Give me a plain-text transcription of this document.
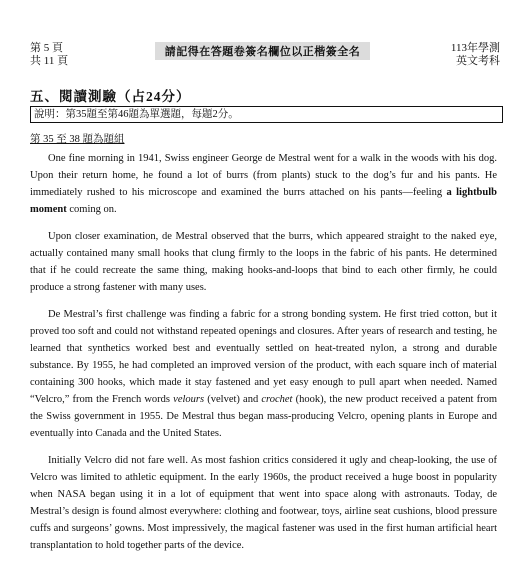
第 5 頁
共 11 頁
請記得在答題卷簽名欄位以正楷簽全名	113年學測
英文考科
五、閱讀測驗（占24分）
說明：第35題至第46題為單選題，每題2分。
第 35 至 38 題為題組

One fine morning in 1941, Swiss engineer George de Mestral went for a walk in the woods with his dog. Upon their return home, he found a lot of burrs (from plants) stuck to the dog’s fur and his pants. He immediately rushed to his microscope and examined the burrs attached on his pants—feeling a lightbulb moment coming on.

Upon closer examination, de Mestral observed that the burrs, which appeared straight to the naked eye, actually contained many small hooks that clung firmly to the loops in the fabric of his pants. He determined that if he could recreate the same thing, making hooks-and-loops that bind to each other firmly, he could produce a strong fastener with many uses.

De Mestral’s first challenge was finding a fabric for a strong bonding system. He first tried cotton, but it proved too soft and could not withstand repeated openings and closures. After years of research and testing, he learned that synthetics worked best and eventually settled on heat-treated nylon, a strong and durable substance. By 1955, he had completed an improved version of the product, with each square inch of material containing 300 hooks, which made it stay fastened and yet easy enough to pull apart when needed. Named “Velcro,” from the French words velours (velvet) and crochet (hook), the new product received a patent from the Swiss government in 1955. De Mestral thus began mass-producing Velcro, opening plants in Europe and eventually into Canada and the United States.

Initially Velcro did not fare well. As most fashion critics considered it ugly and cheap-looking, the use of Velcro was limited to athletic equipment. In the early 1960s, the product received a huge boost in popularity when NASA began using it in a lot of equipment that went into space along with astronauts. Today, de Mestral’s design is found almost everywhere: clothing and footwear, toys, airline seat cushions, blood pressure cuffs and surgeons’ gowns. Most impressively, the magical fastener was used in the first human artificial heart transplantation to hold together parts of the device.
